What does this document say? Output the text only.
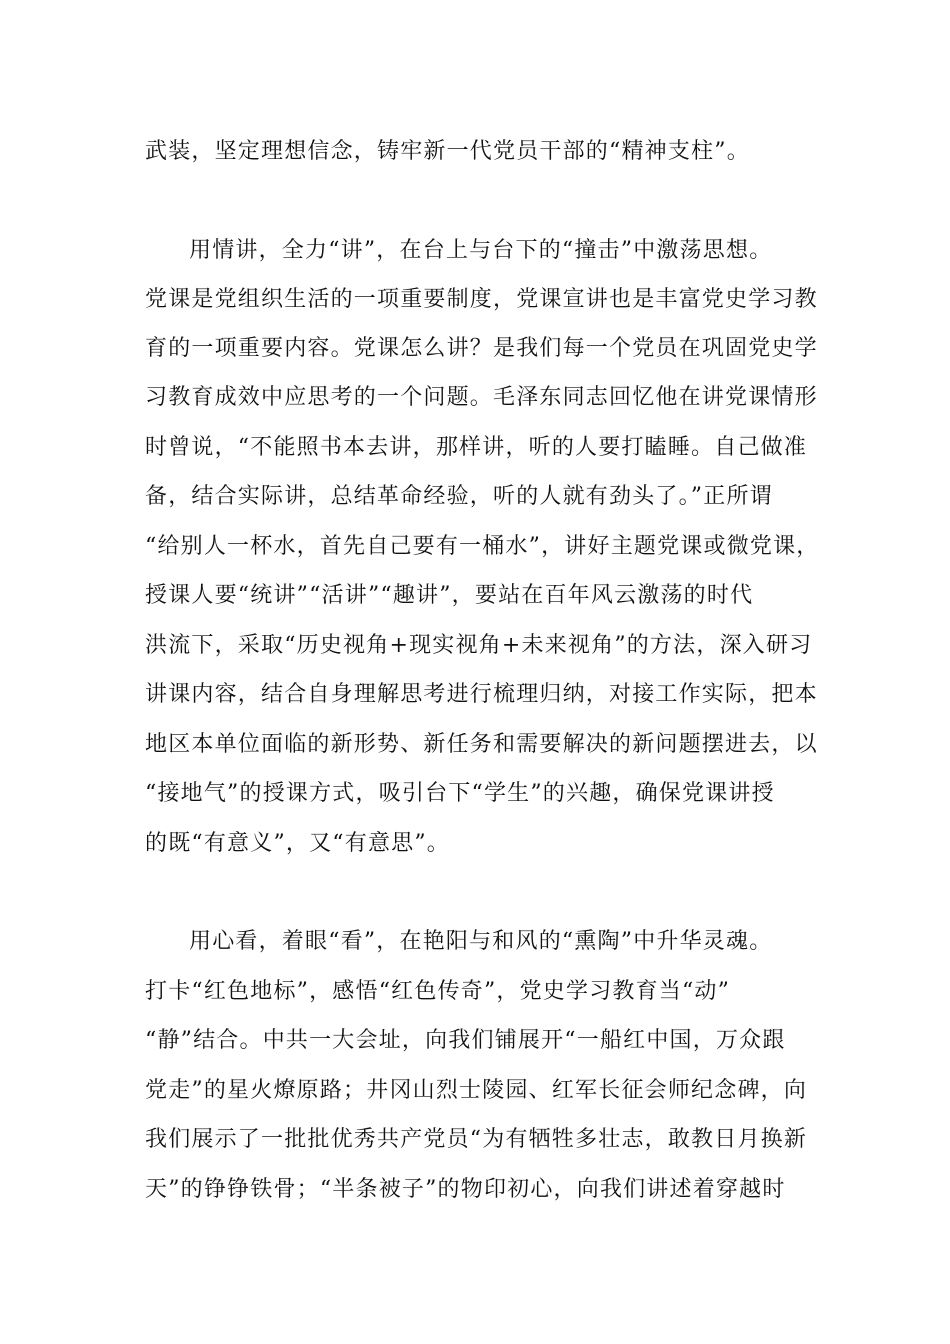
武装，坚定理想信念，铸牢新一代党员干部的“精神支柱”。
用情讲，全力“讲”，在台上与台下的“撞击”中激荡思想。
党课是党组织生活的一项重要制度，党课宣讲也是丰富党史学习教
育的一项重要内容。党课怎么讲？是我们每一个党员在巩固党史学
习教育成效中应思考的一个问题。毛泽东同志回忆他在讲党课情形
时曾说，“不能照书本去讲，那样讲，听的人要打瞌睡。自己做准
备，结合实际讲，总结革命经验，听的人就有劲头了。”正所谓
“给别人一杯水，首先自己要有一桶水”，讲好主题党课或微党课，
授课人要“统讲”“活讲”“趣讲”，要站在百年风云激荡的时代
洪流下，采取“历史视角+现实视角+未来视角”的方法，深入研习
讲课内容，结合自身理解思考进行梳理归纳，对接工作实际，把本
地区本单位面临的新形势、新任务和需要解决的新问题摆进去，以
“接地气”的授课方式，吸引台下“学生”的兴趣，确保党课讲授
的既“有意义”，又“有意思”。
用心看，着眼“看”，在艳阳与和风的“熏陶”中升华灵魂。
打卡“红色地标”，感悟“红色传奇”，党史学习教育当“动”
“静”结合。中共一大会址，向我们铺展开“一船红中国，万众跟
党走”的星火燎原路；井冈山烈士陵园、红军长征会师纪念碑，向
我们展示了一批批优秀共产党员“为有牺牲多壮志，敢教日月换新
天”的铮铮铁骨；“半条被子”的物印初心，向我们讲述着穿越时
